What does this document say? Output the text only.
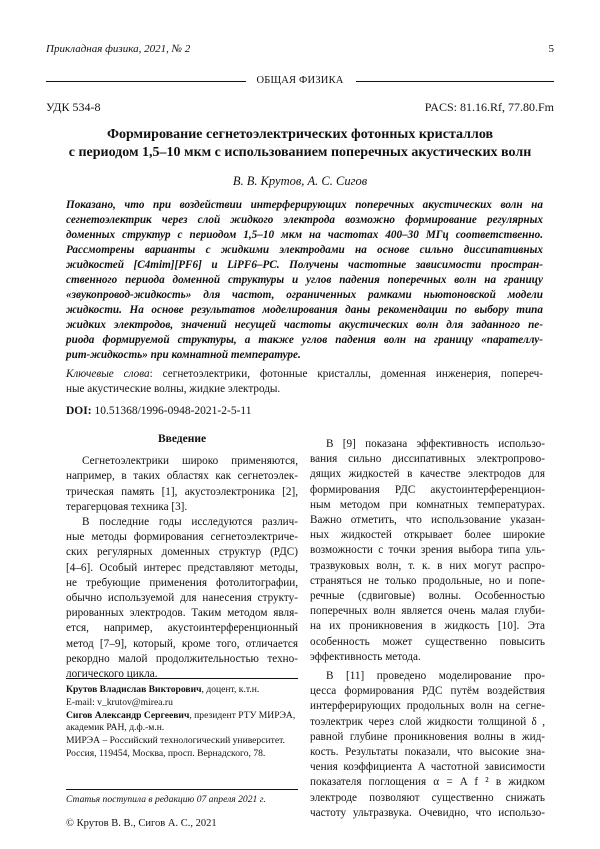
Прикладная физика, 2021, № 2	5
ОБЩАЯ ФИЗИКА
УДК 534-8	PACS: 81.16.Rf, 77.80.Fm
Формирование сегнетоэлектрических фотонных кристаллов
с периодом 1,5–10 мкм с использованием поперечных акустических волн
В. В. Крутов, А. С. Сигов
Показано, что при воздействии интерферирующих поперечных акустических волн на
сегнетоэлектрик через слой жидкого электрода возможно формирование регулярных
доменных структур с периодом 1,5–10 мкм на частотах 400–30 МГц соответственно.
Рассмотрены варианты с жидкими электродами на основе сильно диссипативных
жидкостей [C4mim][PF6] и LiPF6–PC. Получены частотные зависимости простран-
ственного периода доменной структуры и углов падения поперечных волн на границу
«звукопровод-жидкость» для частот, ограниченных рамками ньютоновской модели
жидкости. На основе результатов моделирования даны рекомендации по выбору типа
жидких электродов, значений несущей частоты акустических волн для заданного пе-
риода формируемой структуры, а также углов падения волн на границу «парателлу-
рит-жидкость» при комнатной температуре.
Ключевые слова: сегнетоэлектрики, фотонные кристаллы, доменная инженерия, попереч-
ные акустические волны, жидкие электроды.
DOI: 10.51368/1996-0948-2021-2-5-11
Введение
Сегнетоэлектрики широко применяются,
например, в таких областях как сегнетоэлек-
трическая память [1], акустоэлектроника [2],
терагерцовая техника [3].
В последние годы исследуются различ-
ные методы формирования сегнетоэлектриче-
ских регулярных доменных структур (РДС)
[4–6]. Особый интерес представляют методы,
не требующие применения фотолитографии,
обычно используемой для нанесения структу-
рированных электродов. Таким методом явля-
ется, например, акустоинтерференционный
метод [7–9], который, кроме того, отличается
рекордно малой продолжительностью техно-
логического цикла.
В [9] показана эффективность использо-
вания сильно диссипативных электропрово-
дящих жидкостей в качестве электродов для
формирования РДС акустоинтерференцион-
ным методом при комнатных температурах.
Важно отметить, что использование указан-
ных жидкостей открывает более широкие
возможности с точки зрения выбора типа уль-
тразвуковых волн, т. к. в них могут распро-
страняться не только продольные, но и попе-
речные (сдвиговые) волны. Особенностью
поперечных волн является очень малая глуби-
на их проникновения в жидкость [10]. Эта
особенность может существенно повысить
эффективность метода.
В [11] проведено моделирование про-
цесса формирования РДС путём воздействия
интерферирующих продольных волн на сегне-
тоэлектрик через слой жидкости толщиной δ ,
равной глубине проникновения волны в жид-
кость. Результаты показали, что высокие зна-
чения коэффициента A частотной зависимости
показателя поглощения α = A f ² в жидком
электроде позволяют существенно снижать
частоту ультразвука. Очевидно, что использо-
Крутов Владислав Викторович, доцент, к.т.н.
E-mail: v_krutov@mirea.ru
Сигов Александр Сергеевич, президент РТУ МИРЭА,
академик РАН, д.ф.-м.н.
МИРЭА – Российский технологический университет.
Россия, 119454, Москва, просп. Вернадского, 78.
Статья поступила в редакцию 07 апреля 2021 г.
© Крутов В. В., Сигов А. С., 2021
